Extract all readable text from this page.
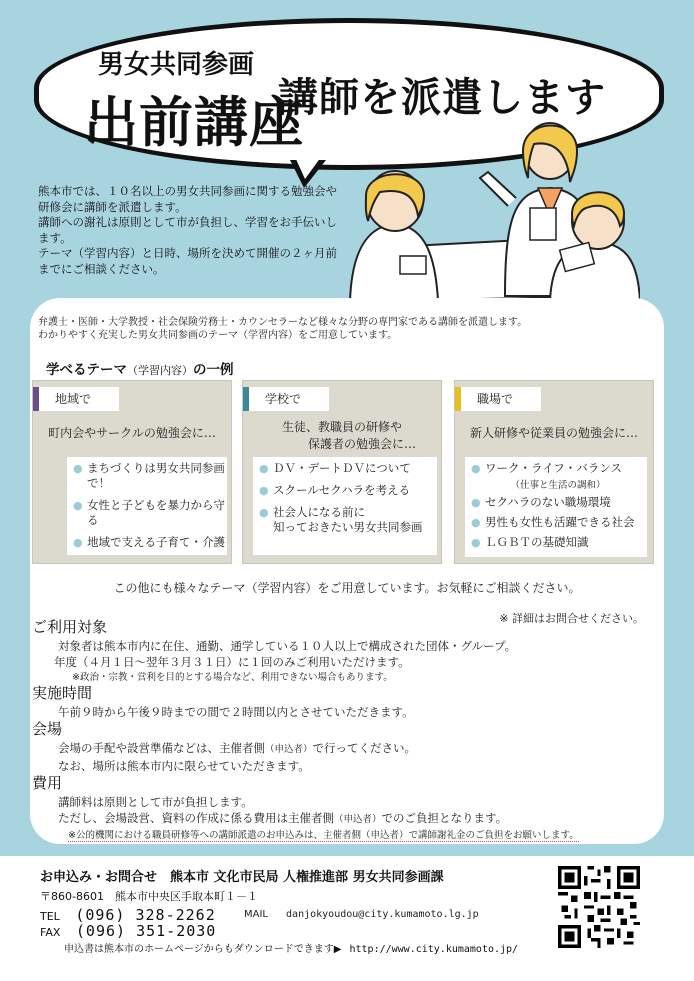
男女共同参画
出前講座
講師を派遣します
熊本市では、１０名以上の男女共同参画に関する勉強会や
研修会に講師を派遣します。
講師への謝礼は原則として市が負担し、学習をお手伝いし
ます。
テーマ（学習内容）と日時、場所を決めて開催の２ヶ月前
までにご相談ください。
弁護士・医師・大学教授・社会保険労務士・カウンセラーなど様々な分野の専門家である講師を派遣します。
わかりやすく充実した男女共同参画のテーマ（学習内容）をご用意しています。
学べるテーマ（学習内容）の一例
地域で
町内会やサークルの勉強会に…
● まちづくりは男女共同参画で！
● 女性と子どもを暴力から守る
● 地域で支える子育て・介護
学校で
生徒、教職員の研修や
保護者の勉強会に…
● ＤＶ・デートＤＶについて
● スクールセクハラを考える
● 社会人になる前に
知っておきたい男女共同参画
職場で
新人研修や従業員の勉強会に…
● ワーク・ライフ・バランス
（仕事と生活の調和）
● セクハラのない職場環境
● 男性も女性も活躍できる社会
● ＬＧＢＴの基礎知識
この他にも様々なテーマ（学習内容）をご用意しています。お気軽にご相談ください。
※ 詳細はお問合せください。
ご利用対象
対象者は熊本市内に在住、通勤、通学している１０人以上で構成された団体・グループ。
年度（４月１日～翌年３月３１日）に１回のみご利用いただけます。
※政治・宗教・営利を目的とする場合など、利用できない場合もあります。
実施時間
午前９時から午後９時までの間で２時間以内とさせていただきます。
会場
会場の手配や設営準備などは、主催者側（申込者）で行ってください。
なお、場所は熊本市内に限らせていただきます。
費用
講師料は原則として市が負担します。
ただし、会場設営、資料の作成に係る費用は主催者側（申込者）でのご負担となります。
※公的機関における職員研修等への講師派遣のお申込みは、主催者側（申込者）で講師謝礼金のご負担をお願いします。
お申込み・お問合せ　熊本市 文化市民局 人権推進部 男女共同参画課
〒860-8601　熊本市中央区手取本町１－１
TEL (096) 328-2262	MAIL danjokyoudou@city.kumamoto.lg.jp
FAX (096) 351-2030
申込書は熊本市のホームページからもダウンロードできます▶ http://www.city.kumamoto.jp/
